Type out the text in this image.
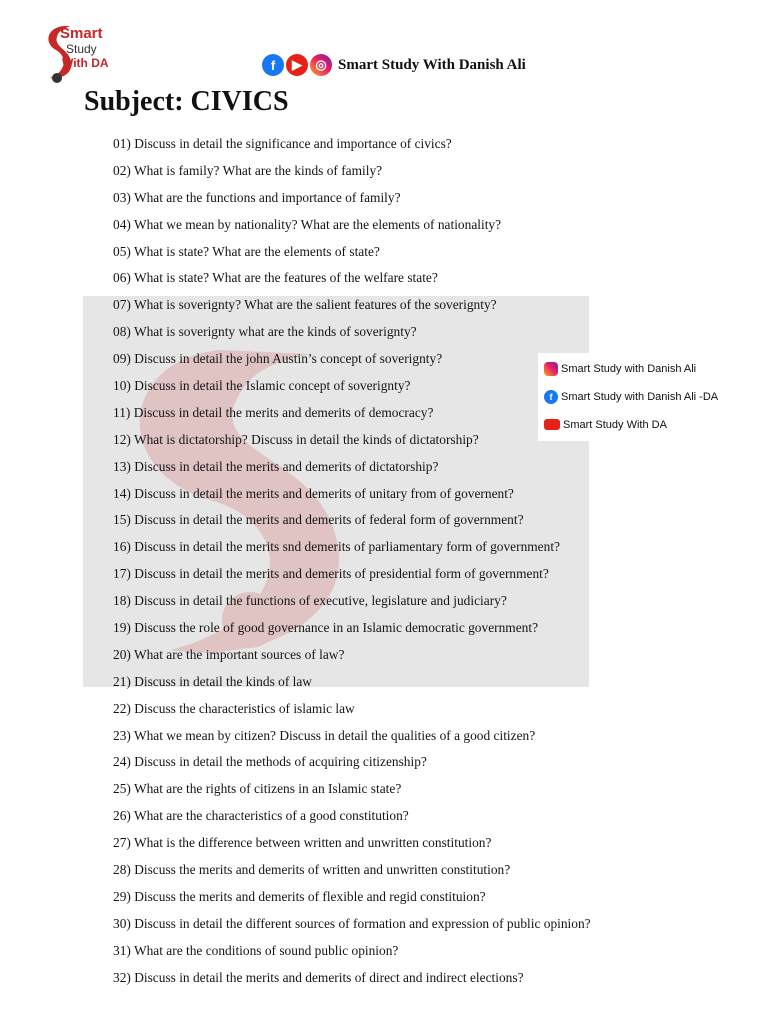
Smart
Study
With DA	f	▶	◎ Smart Study With Danish Ali
Subject: CIVICS
01) Discuss in detail the significance and importance of civics?
02) What is family? What are the kinds of family?
03) What are the functions and importance of family?
04) What we mean by nationality? What are the elements of nationality?
05) What is state? What are the elements of state?
06) What is state? What are the features of the welfare state?
07) What is soverignty? What are the salient features of the soverignty?
08) What is soverignty what are the kinds of soverignty?
09) Discuss in detail the john Austin’s concept of soverignty?
10) Discuss in detail the Islamic concept of soverignty?
11) Discuss in detail the merits and demerits of democracy?
12) What is dictatorship? Discuss in detail the kinds of dictatorship?
13) Discuss in detail the merits and demerits of dictatorship?
14) Discuss in detail the merits and demerits of unitary from of governent?
15) Discuss in detail the merits and demerits of federal form of government?
16) Discuss in detail the merits snd demerits of parliamentary form of government?
17) Discuss in detail the merits and demerits of presidential form of government?
18) Discuss in detail the functions of executive, legislature and judiciary?
19) Discuss the role of good governance in an Islamic democratic government?
20) What are the important sources of law?
21) Discuss in detail the kinds of law
22) Discuss the characteristics of islamic law
23) What we mean by citizen? Discuss in detail the qualities of a good citizen?
24) Discuss in detail the methods of acquiring citizenship?
25) What are the rights of citizens in an Islamic state?
26) What are the characteristics of a good constitution?
27) What is the difference between written and unwritten constitution?
28) Discuss the merits and demerits of written and unwritten constitution?
29) Discuss the merits and demerits of flexible and regid constituion?
30) Discuss in detail the different sources of formation and expression of public opinion?
31) What are the conditions of sound public opinion?
32) Discuss in detail the merits and demerits of direct and indirect elections?
Smart Study with Danish Ali
f Smart Study with Danish Ali -DA
Smart Study With DA
